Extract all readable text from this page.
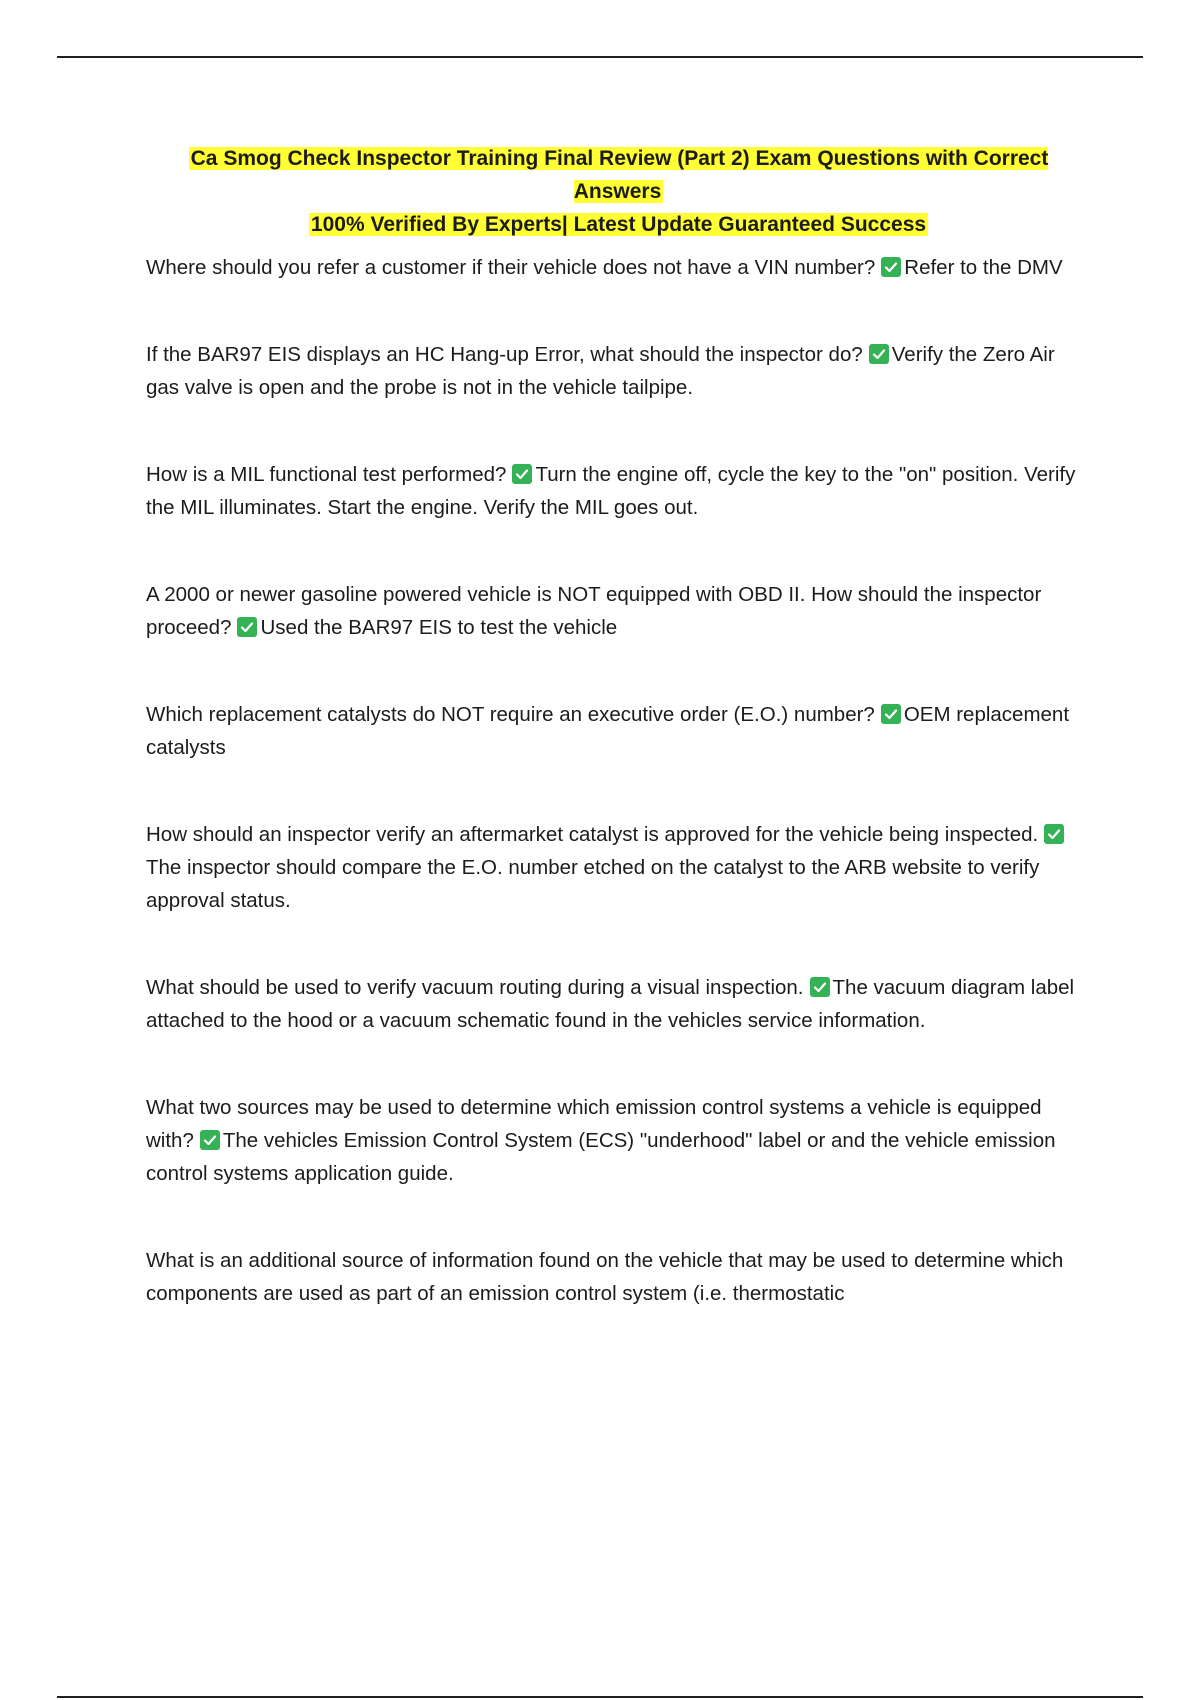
Ca Smog Check Inspector Training Final Review (Part 2) Exam Questions with Correct Answers
100% Verified By Experts| Latest Update Guaranteed Success

Where should you refer a customer if their vehicle does not have a VIN number? Refer to the DMV

If the BAR97 EIS displays an HC Hang-up Error, what should the inspector do? Verify the Zero Air gas valve is open and the probe is not in the vehicle tailpipe.

How is a MIL functional test performed? Turn the engine off, cycle the key to the "on" position. Verify the MIL illuminates. Start the engine. Verify the MIL goes out.

A 2000 or newer gasoline powered vehicle is NOT equipped with OBD II. How should the inspector proceed? Used the BAR97 EIS to test the vehicle

Which replacement catalysts do NOT require an executive order (E.O.) number? OEM replacement catalysts

How should an inspector verify an aftermarket catalyst is approved for the vehicle being inspected.
The inspector should compare the E.O. number etched on the catalyst to the ARB website to verify approval status.

What should be used to verify vacuum routing during a visual inspection. The vacuum diagram label attached to the hood or a vacuum schematic found in the vehicles service information.

What two sources may be used to determine which emission control systems a vehicle is equipped with? The vehicles Emission Control System (ECS) "underhood" label or and the vehicle emission control systems application guide.

What is an additional source of information found on the vehicle that may be used to determine which components are used as part of an emission control system (i.e. thermostatic
